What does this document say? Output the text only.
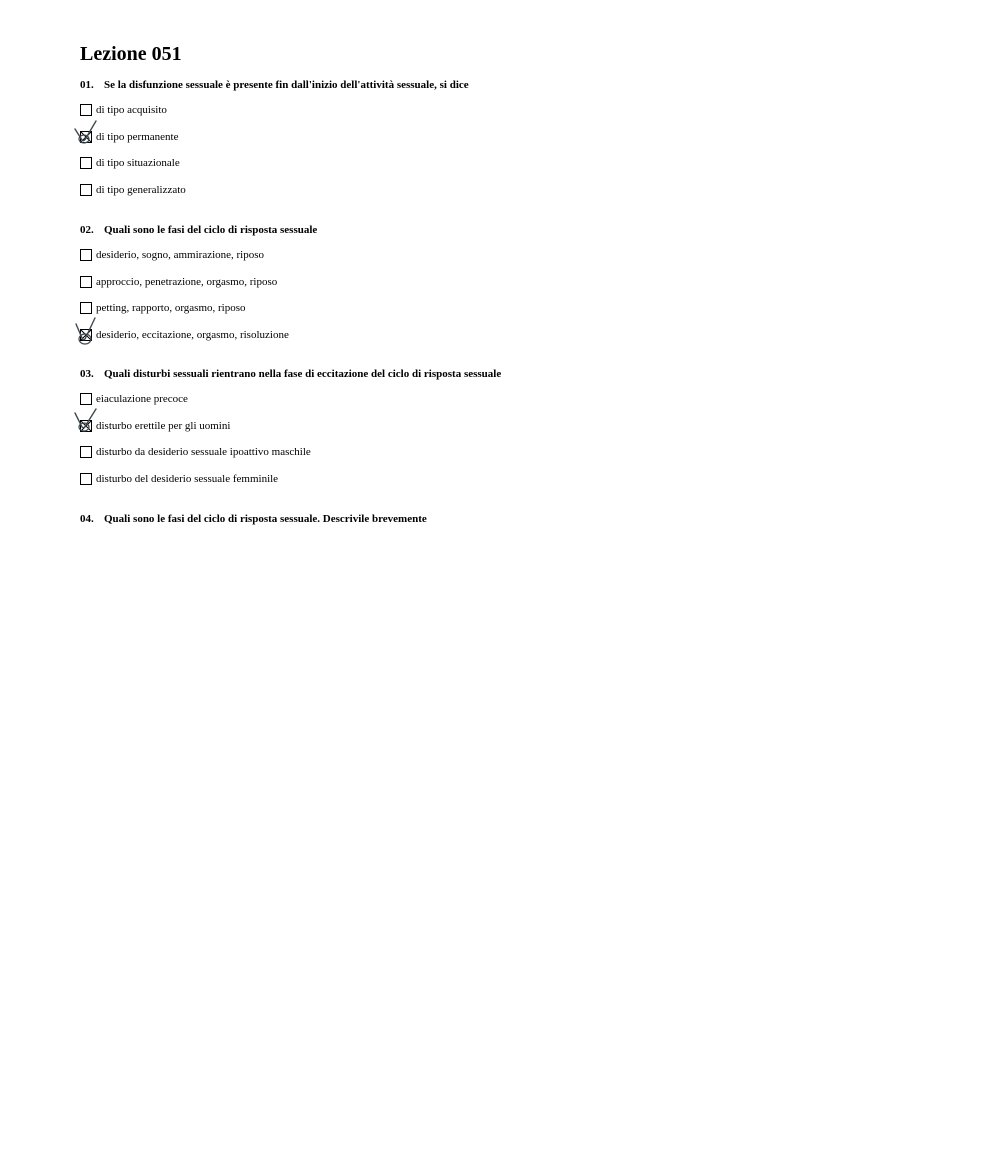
Lezione 051
01. Se la disfunzione sessuale è presente fin dall'inizio dell'attività sessuale, si dice
di tipo acquisito
di tipo permanente
di tipo situazionale
di tipo generalizzato
02. Quali sono le fasi del ciclo di risposta sessuale
desiderio, sogno, ammirazione, riposo
approccio, penetrazione, orgasmo, riposo
petting, rapporto, orgasmo, riposo
desiderio, eccitazione, orgasmo, risoluzione
03. Quali disturbi sessuali rientrano nella fase di eccitazione del ciclo di risposta sessuale
eiaculazione precoce
disturbo erettile per gli uomini
disturbo da desiderio sessuale ipoattivo maschile
disturbo del desiderio sessuale femminile
04. Quali sono le fasi del ciclo di risposta sessuale. Descrivile brevemente
